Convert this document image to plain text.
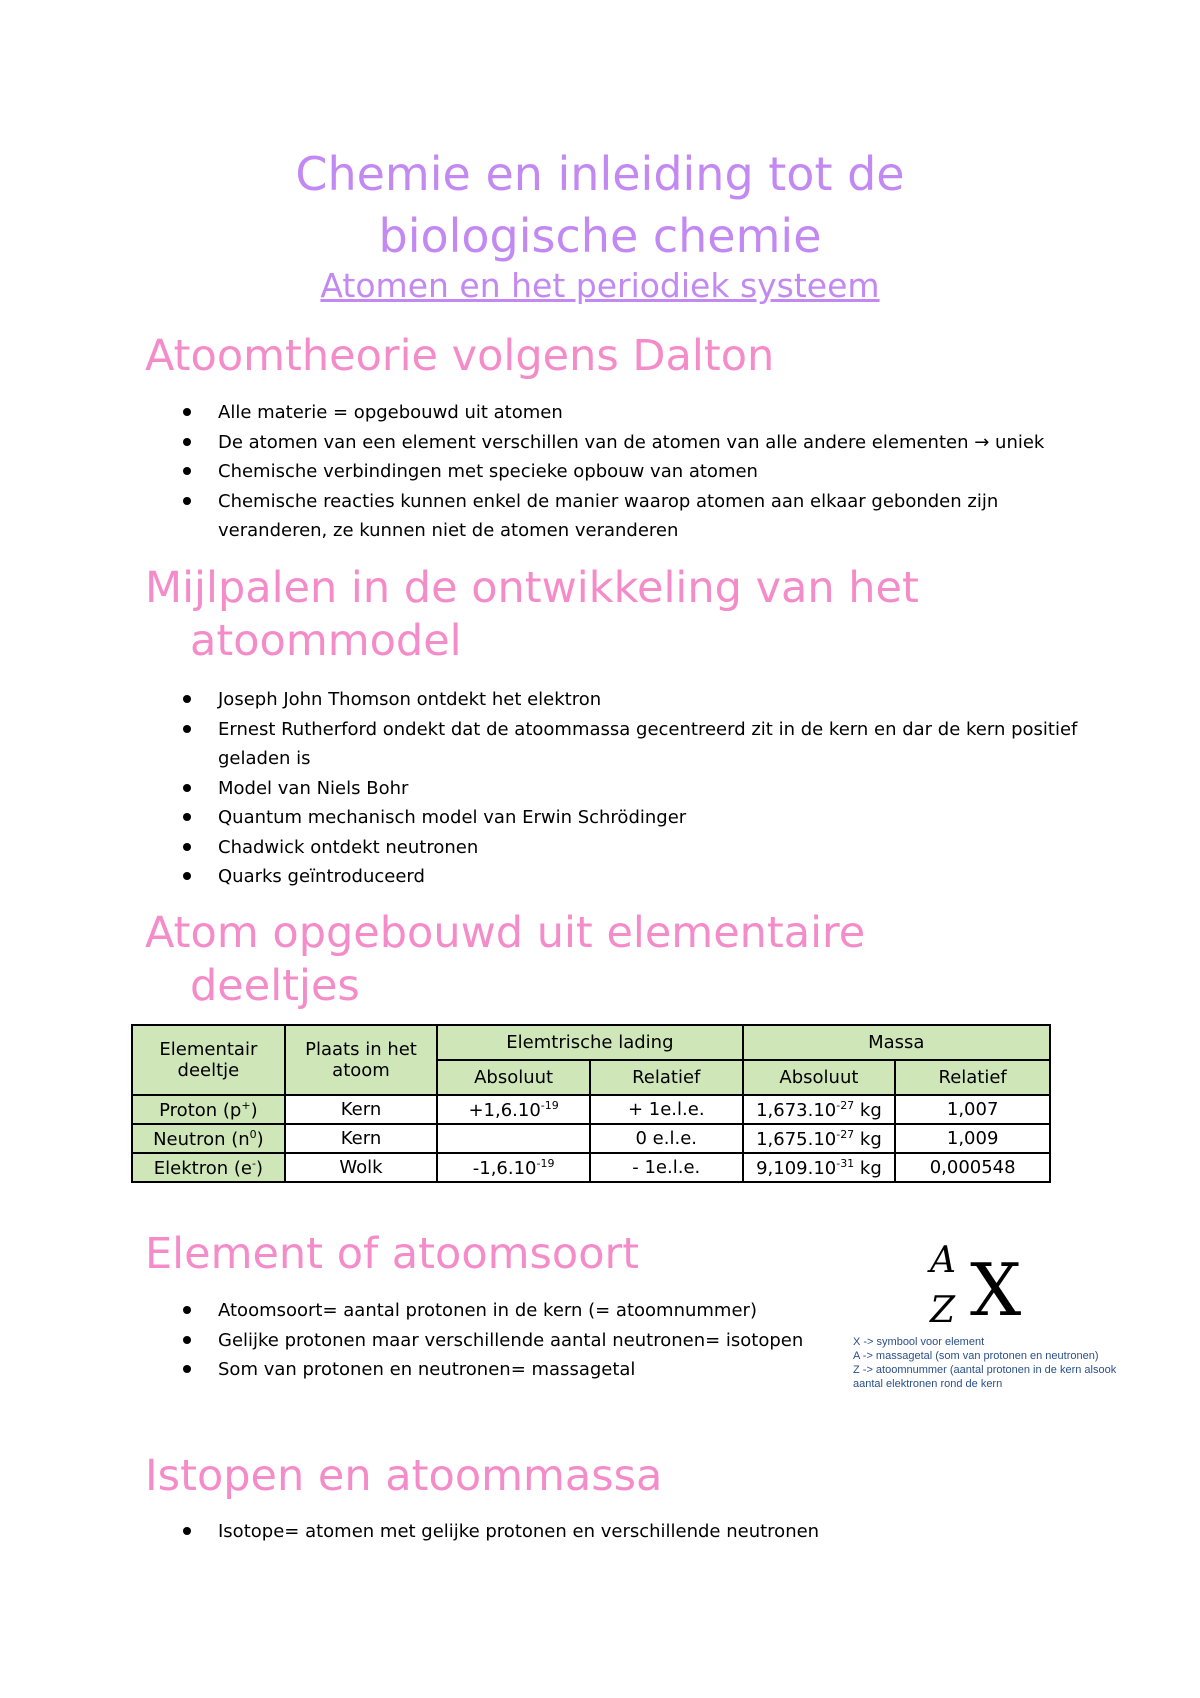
Chemie en inleiding tot de
biologische chemie
Atomen en het periodiek systeem
Atoomtheorie volgens Dalton
Alle materie = opgebouwd uit atomen
De atomen van een element verschillen van de atomen van alle andere elementen → uniek
Chemische verbindingen met specieke opbouw van atomen
Chemische reacties kunnen enkel de manier waarop atomen aan elkaar gebonden zijn veranderen, ze kunnen niet de atomen veranderen
Mijlpalen in de ontwikkeling van het
atoommodel
Joseph John Thomson ontdekt het elektron
Ernest Rutherford ondekt dat de atoommassa gecentreerd zit in de kern en dar de kern positief geladen is
Model van Niels Bohr
Quantum mechanisch model van Erwin Schrödinger
Chadwick ontdekt neutronen
Quarks geïntroduceerd
Atom opgebouwd uit elementaire
deeltjes
Elementair deeltje	Plaats in het atoom	Elemtrische lading		Massa	
		Absoluut	Relatief	Absoluut	Relatief
Proton (p+)	Kern	$+1,6.10^{-19}$	+ 1e.l.e.	$1,673.10^{-27}$ kg	1,007
Neutron $(n^0)$	Kern		0 e.l.e.	$1,675.10^{-27}$ kg	1,009
Elektron (e-)	Wolk	$-1,6.10^{-19}$	- 1e.l.e.	$9,109.10^{-31}$ kg	0,000548
Element of atoomsoort
Atoomsoort= aantal protonen in de kern (= atoomnummer)
Gelijke protonen maar verschillende aantal neutronen= isotopen
Som van protonen en neutronen= massagetal
A
Z X
X -> symbool voor element
A -> massagetal (som van protonen en neutronen)
Z -> atoomnummer (aantal protonen in de kern alsook
aantal elektronen rond de kern
Istopen en atoommassa
Isotope= atomen met gelijke protonen en verschillende neutronen
